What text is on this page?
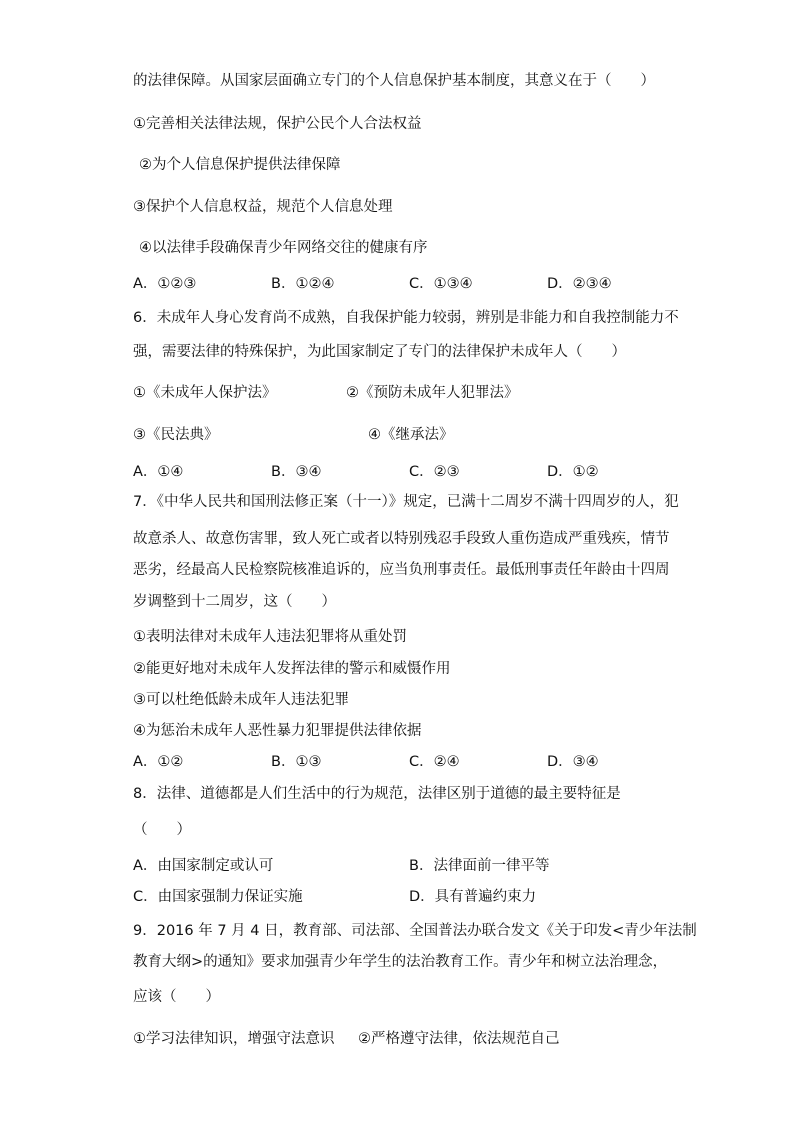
的法律保障。从国家层面确立专门的个人信息保护基本制度，其意义在于（　　）
①完善相关法律法规，保护公民个人合法权益
②为个人信息保护提供法律保障
③保护个人信息权益，规范个人信息处理
④以法律手段确保青少年网络交往的健康有序
A．①②③	B．①②④	C．①③④	D．②③④
6．未成年人身心发育尚不成熟，自我保护能力较弱，辨别是非能力和自我控制能力不
强，需要法律的特殊保护，为此国家制定了专门的法律保护未成年人（　　）
①《未成年人保护法》	②《预防未成年人犯罪法》
③《民法典》	④《继承法》
A．①④	B．③④	C．②③	D．①②
7．《中华人民共和国刑法修正案（十一）》规定，已满十二周岁不满十四周岁的人，犯
故意杀人、故意伤害罪，致人死亡或者以特别残忍手段致人重伤造成严重残疾，情节
恶劣，经最高人民检察院核准追诉的，应当负刑事责任。最低刑事责任年龄由十四周
岁调整到十二周岁，这（　　）
①表明法律对未成年人违法犯罪将从重处罚
②能更好地对未成年人发挥法律的警示和威慑作用
③可以杜绝低龄未成年人违法犯罪
④为惩治未成年人恶性暴力犯罪提供法律依据
A．①②	B．①③	C．②④	D．③④
8．法律、道德都是人们生活中的行为规范，法律区别于道德的最主要特征是
（　　）
A．由国家制定或认可	B．法律面前一律平等
C．由国家强制力保证实施	D．具有普遍约束力
9．2016 年 7 月 4 日，教育部、司法部、全国普法办联合发文《关于印发<青少年法制
教育大纲>的通知》要求加强青少年学生的法治教育工作。青少年和树立法治理念，
应该（　　）
①学习法律知识，增强守法意识 ②严格遵守法律，依法规范自己
